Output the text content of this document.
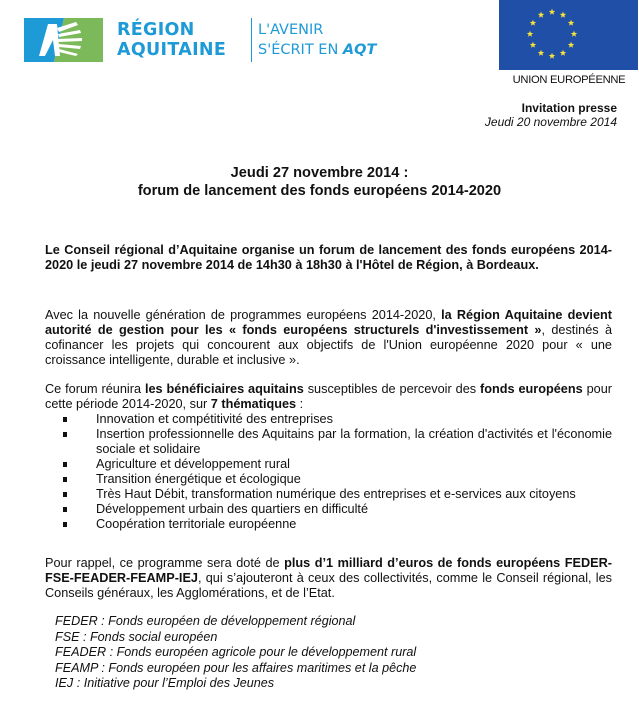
RÉGION
AQUITAINE
L'AVENIR
S'ÉCRIT EN AQT
UNION EUROPÉENNE
Invitation presse
Jeudi 20 novembre 2014
Jeudi 27 novembre 2014 :
forum de lancement des fonds européens 2014-2020
Le Conseil régional d’Aquitaine organise un forum de lancement des fonds européens 2014-2020 le jeudi 27 novembre 2014 de 14h30 à 18h30 à l'Hôtel de Région, à Bordeaux.
Avec la nouvelle génération de programmes européens 2014-2020, la Région Aquitaine devient autorité de gestion pour les « fonds européens structurels d'investissement », destinés à cofinancer les projets qui concourent aux objectifs de l'Union européenne 2020 pour « une croissance intelligente, durable et inclusive ».
Ce forum réunira les bénéficiaires aquitains susceptibles de percevoir des fonds européens pour cette période 2014-2020, sur 7 thématiques :
Innovation et compétitivité des entreprises
Insertion professionnelle des Aquitains par la formation, la création d'activités et l'économie sociale et solidaire
Agriculture et développement rural
Transition énergétique et écologique
Très Haut Débit, transformation numérique des entreprises et e-services aux citoyens
Développement urbain des quartiers en difficulté
Coopération territoriale européenne
Pour rappel, ce programme sera doté de plus d’1 milliard d’euros de fonds européens FEDER-FSE-FEADER-FEAMP-IEJ, qui s’ajouteront à ceux des collectivités, comme le Conseil régional, les Conseils généraux, les Agglomérations, et de l’Etat.
FEDER : Fonds européen de développement régional
FSE : Fonds social européen
FEADER : Fonds européen agricole pour le développement rural
FEAMP : Fonds européen pour les affaires maritimes et la pêche
IEJ : Initiative pour l’Emploi des Jeunes
